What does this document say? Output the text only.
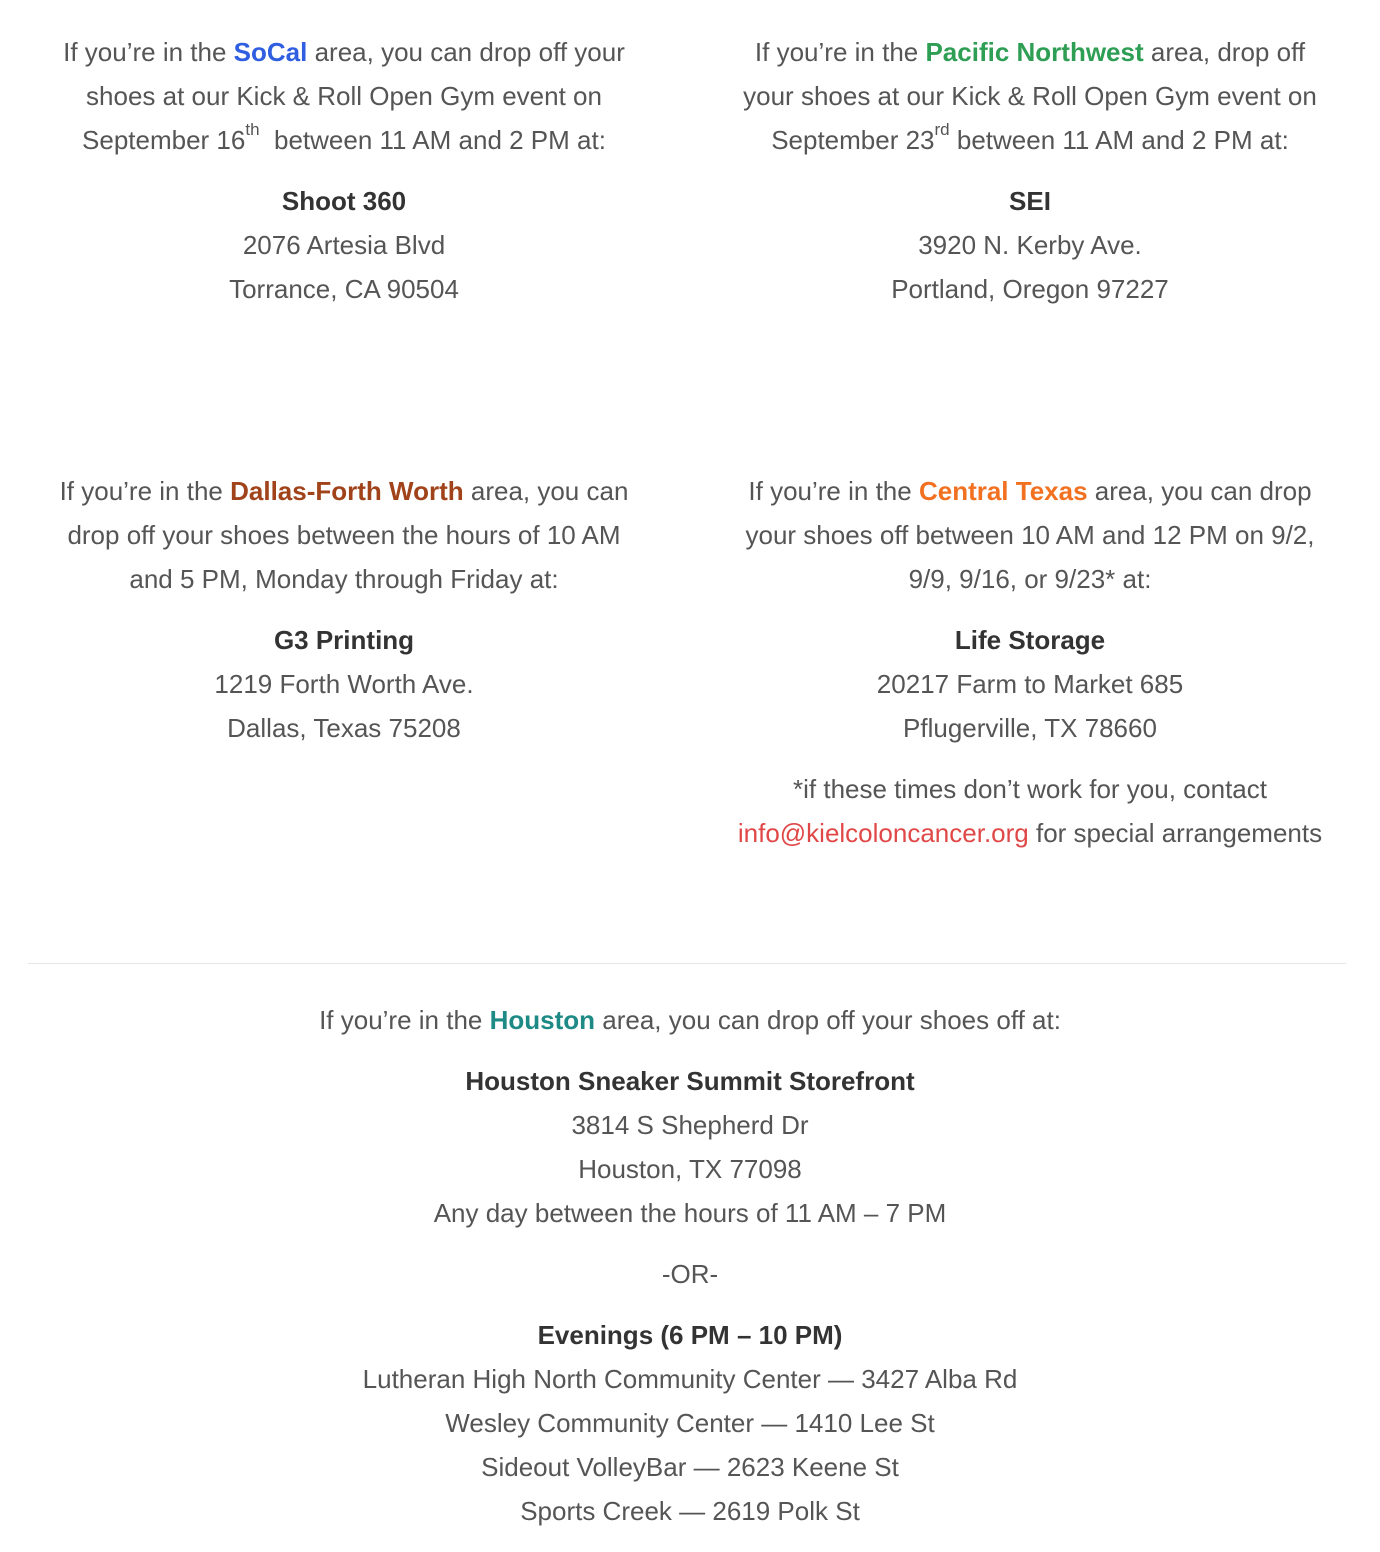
If you’re in the SoCal area, you can drop off your
shoes at our Kick & Roll Open Gym event on
September 16th  between 11 AM and 2 PM at:

Shoot 360
2076 Artesia Blvd
Torrance, CA 90504

If you’re in the Pacific Northwest area, drop off
your shoes at our Kick & Roll Open Gym event on
September 23rd between 11 AM and 2 PM at:

SEI
3920 N. Kerby Ave.
Portland, Oregon 97227

If you’re in the Dallas-Forth Worth area, you can
drop off your shoes between the hours of 10 AM
and 5 PM, Monday through Friday at:

G3 Printing
1219 Forth Worth Ave.
Dallas, Texas 75208

If you’re in the Central Texas area, you can drop
your shoes off between 10 AM and 12 PM on 9/2,
9/9, 9/16, or 9/23* at:

Life Storage
20217 Farm to Market 685
Pflugerville, TX 78660
*if these times don’t work for you, contact
info@kielcoloncancer.org for special arrangements

If you’re in the Houston area, you can drop off your shoes off at:

Houston Sneaker Summit Storefront
3814 S Shepherd Dr
Houston, TX 77098
Any day between the hours of 11 AM – 7 PM
-OR-
Evenings (6 PM – 10 PM)
Lutheran High North Community Center — 3427 Alba Rd
Wesley Community Center — 1410 Lee St
Sideout VolleyBar — 2623 Keene St
Sports Creek — 2619 Polk St
